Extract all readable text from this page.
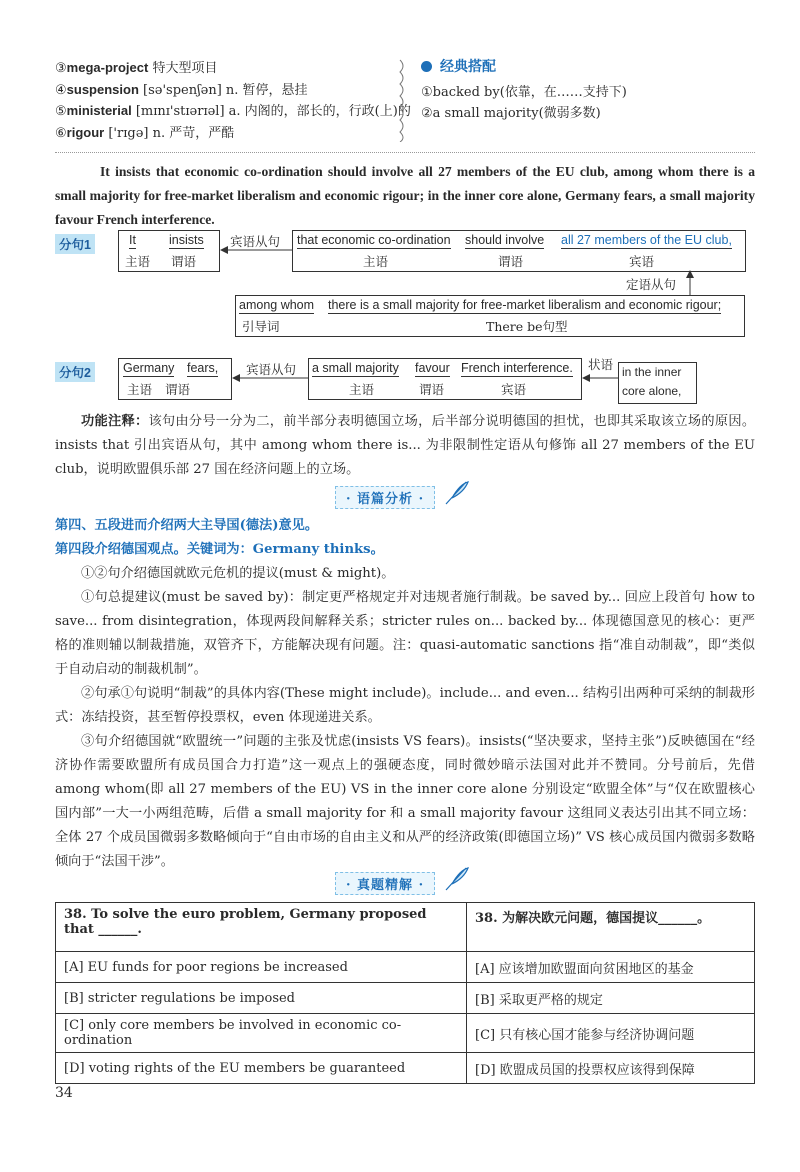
③mega-project 特大型项目
④suspension [sə'spenʃən] n. 暂停，悬挂
⑤ministerial [mɪnɪ'stɪərɪəl] a. 内阁的，部长的，行政(上)的
⑥rigour ['rɪgə] n. 严苛，严酷
经典搭配
①backed by(依靠，在……支持下)
②a small majority(微弱多数)
It insists that economic co-ordination should involve all 27 members of the EU club, among whom there is a small majority for free-market liberalism and economic rigour; in the inner core alone, Germany fears, a small majority favour French interference.
分句1	It	insists
主语 谓语
宾语从句 that economic co-ordination should involve all 27 members of the EU club,
主语	谓语	宾语
定语从句
among whom there is a small majority for free-market liberalism and economic rigour;
引导词	There be句型
分句2	Germany fears,
主语 谓语
宾语从句 a small majority favour French interference.
主语	谓语	宾语
状语 in the inner core alone,
功能注释：该句由分号一分为二，前半部分表明德国立场，后半部分说明德国的担忧，也即其采取该立场的原因。insists that 引出宾语从句，其中 among whom there is... 为非限制性定语从句修饰 all 27 members of the EU club，说明欧盟俱乐部 27 国在经济问题上的立场。
· 语篇分析 ·
第四、五段进而介绍两大主导国(德法)意见。
第四段介绍德国观点。关键词为：Germany thinks。
①②句介绍德国就欧元危机的提议(must & might)。
①句总提建议(must be saved by)：制定更严格规定并对违规者施行制裁。be saved by... 回应上段首句 how to save... from disintegration，体现两段间解释关系；stricter rules on... backed by... 体现德国意见的核心：更严格的准则辅以制裁措施，双管齐下，方能解决现有问题。注：quasi-automatic sanctions 指“准自动制裁”，即“类似于自动启动的制裁机制”。
②句承①句说明“制裁”的具体内容(These might include)。include... and even... 结构引出两种可采纳的制裁形式：冻结投资，甚至暂停投票权，even 体现递进关系。
③句介绍德国就“欧盟统一”问题的主张及忧虑(insists VS fears)。insists(“坚决要求，坚持主张”)反映德国在“经济协作需要欧盟所有成员国合力打造”这一观点上的强硬态度，同时微妙暗示法国对此并不赞同。分号前后，先借 among whom(即 all 27 members of the EU) VS in the inner core alone 分别设定“欧盟全体”与“仅在欧盟核心国内部”一大一小两组范畴，后借 a small majority for 和 a small majority favour 这组同义表达引出其不同立场：全体 27 个成员国微弱多数略倾向于“自由市场的自由主义和从严的经济政策(即德国立场)” VS 核心成员国内微弱多数略倾向于“法国干涉”。
· 真题精解 ·
38. To solve the euro problem, Germany proposed that ______.	38. 为解决欧元问题，德国提议______。
[A] EU funds for poor regions be increased	[A] 应该增加欧盟面向贫困地区的基金
[B] stricter regulations be imposed	[B] 采取更严格的规定
[C] only core members be involved in economic co-ordination	[C] 只有核心国才能参与经济协调问题
[D] voting rights of the EU members be guaranteed	[D] 欧盟成员国的投票权应该得到保障
34
